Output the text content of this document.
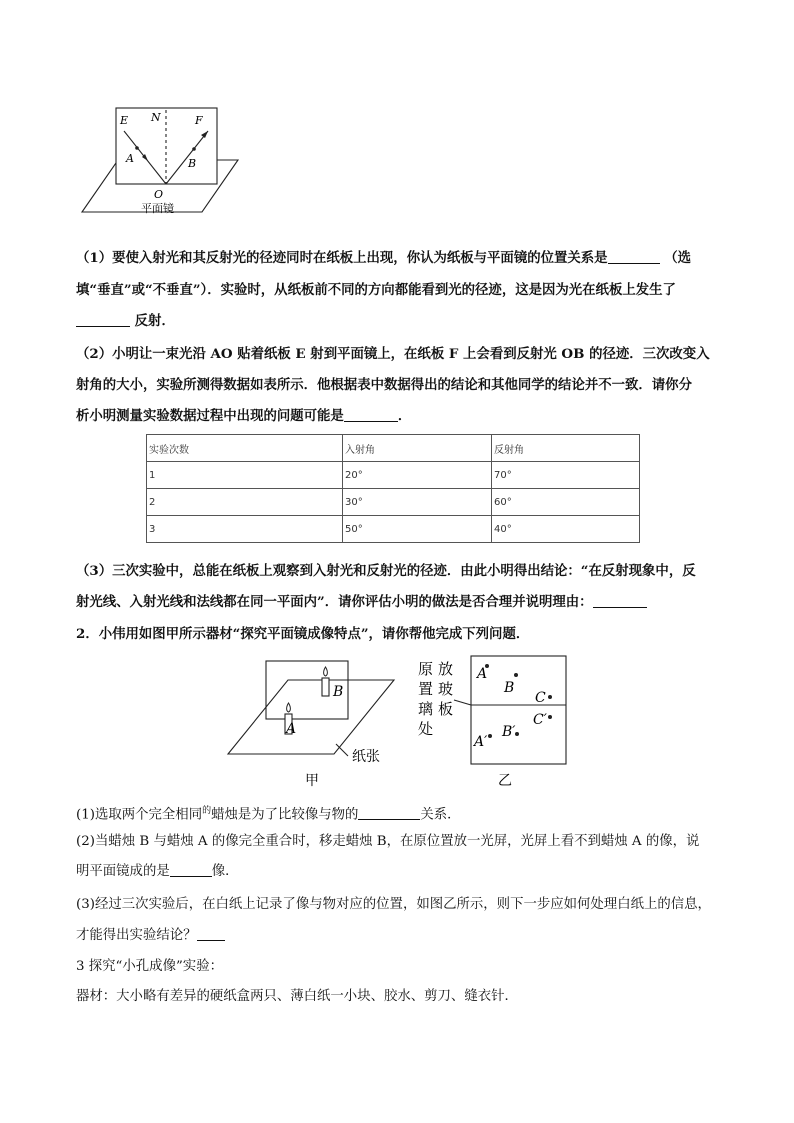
E N	F
A	B
O
平面镜
（1）要使入射光和其反射光的径迹同时在纸板上出现，你认为纸板与平面镜的位置关系是	（选
填“垂直”或“不垂直”）．实验时，从纸板前不同的方向都能看到光的径迹，这是因为光在纸板上发生了
反射．
（2）小明让一束光沿 AO 贴着纸板 E 射到平面镜上，在纸板 F 上会看到反射光 OB 的径迹．三次改变入
射角的大小，实验所测得数据如表所示．他根据表中数据得出的结论和其他同学的结论并不一致．请你分
析小明测量实验数据过程中出现的问题可能是	．
实验次数	入射角	反射角
1	20°	70°
2	30°	60°
3	50°	40°
（3）三次实验中，总能在纸板上观察到入射光和反射光的径迹．由此小明得出结论：“在反射现象中，反
射光线、入射光线和法线都在同一平面内”．请你评估小明的做法是否合理并说明理由：
2．小伟用如图甲所示器材“探究平面镜成像特点”，请你帮他完成下列问题．
B
A
纸张
甲
原 放
置 玻
璃 板
处
A
B
C
C′
B′
A′
乙
(1)选取两个完全相同$^的$蜡烛是为了比较像与物的	关系．
(2)当蜡烛 B 与蜡烛 A 的像完全重合时，移走蜡烛 B，在原位置放一光屏，光屏上看不到蜡烛 A 的像，说
明平面镜成的是	像．
(3)经过三次实验后，在白纸上记录了像与物对应的位置，如图乙所示，则下一步应如何处理白纸上的信息，
才能得出实验结论？
3 探究“小孔成像”实验：
器材：大小略有差异的硬纸盒两只、薄白纸一小块、胶水、剪刀、缝衣针．
